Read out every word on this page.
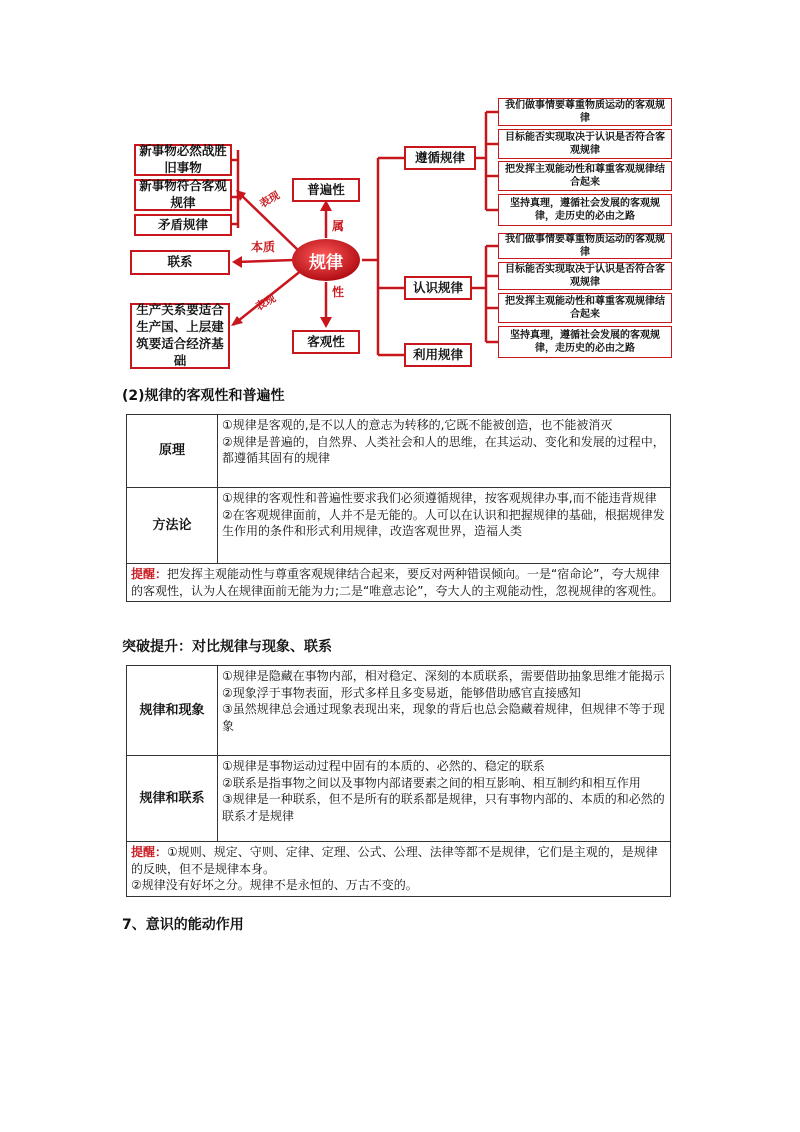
规律
新事物必然战胜旧事物
新事物符合客观规律
矛盾规律
联系
生产关系要适合生产国、上层建筑要适合经济基础
普遍性
客观性
表现
本质
表现
属
性
遵循规律
认识规律
利用规律
我们做事情要尊重物质运动的客观规律
目标能否实现取决于认识是否符合客观规律
把发挥主观能动性和尊重客观规律结合起来
坚持真理，遵循社会发展的客观规律，走历史的必由之路
我们做事情要尊重物质运动的客观规律
目标能否实现取决于认识是否符合客观规律
把发挥主观能动性和尊重客观规律结合起来
坚持真理，遵循社会发展的客观规律，走历史的必由之路
(2)规律的客观性和普遍性
原理	①规律是客观的,是不以人的意志为转移的,它既不能被创造，也不能被消灭
②规律是普遍的，自然界、人类社会和人的思维，在其运动、变化和发展的过程中，都遵循其固有的规律

方法论	①规律的客观性和普遍性要求我们必须遵循规律，按客观规律办事,而不能违背规律
②在客观规律面前，人并不是无能的。人可以在认识和把握规律的基础，根据规律发生作用的条件和形式利用规律，改造客观世界，造福人类

提醒：把发挥主观能动性与尊重客观规律结合起来，要反对两种错误倾向。一是“宿命论”，夸大规律的客观性，认为人在规律面前无能为力;二是“唯意志论”，夸大人的主观能动性，忽视规律的客观性。	
突破提升：对比规律与现象、联系
规律和现象	①规律是隐藏在事物内部，相对稳定、深刻的本质联系，需要借助抽象思维才能揭示
②现象浮于事物表面，形式多样且多变易逝，能够借助感官直接感知
③虽然规律总会通过现象表现出来，现象的背后也总会隐藏着规律，但规律不等于现象

规律和联系	①规律是事物运动过程中固有的本质的、必然的、稳定的联系
②联系是指事物之间以及事物内部诸要素之间的相互影响、相互制约和相互作用
③规律是一种联系，但不是所有的联系都是规律，只有事物内部的、本质的和必然的联系才是规律

提醒：①规则、规定、守则、定律、定理、公式、公理、法律等都不是规律，它们是主观的，是规律的反映，但不是规律本身。
②规律没有好坏之分。规律不是永恒的、万古不变的。	
7、意识的能动作用
